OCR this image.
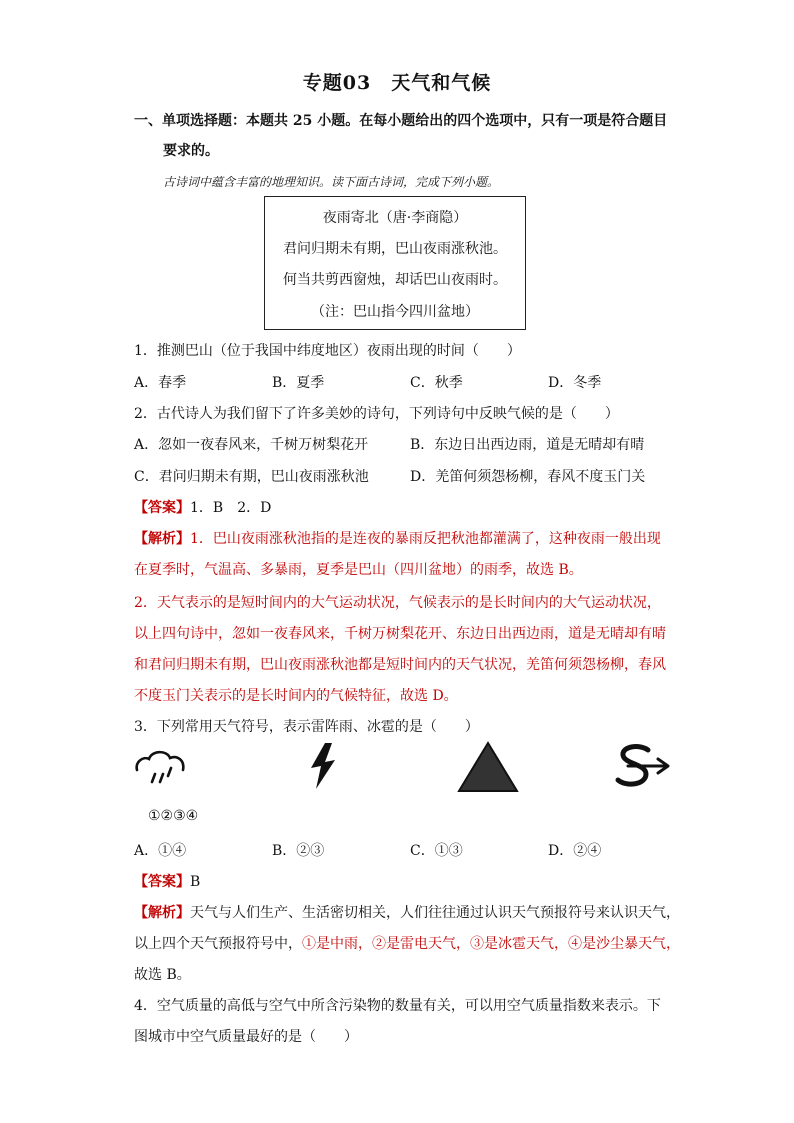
专题03　天气和气候
一、单项选择题：本题共 25 小题。在每小题给出的四个选项中，只有一项是符合题目
要求的。
古诗词中蕴含丰富的地理知识。读下面古诗词，完成下列小题。
夜雨寄北（唐·李商隐）
君问归期未有期，巴山夜雨涨秋池。
何当共剪西窗烛，却话巴山夜雨时。
（注：巴山指今四川盆地）
1．推测巴山（位于我国中纬度地区）夜雨出现的时间（　　）
A．春季	B．夏季	C．秋季	D．冬季
2．古代诗人为我们留下了许多美妙的诗句，下列诗句中反映气候的是（　　）
A．忽如一夜春风来，千树万树梨花开	B．东边日出西边雨，道是无晴却有晴
C．君问归期未有期，巴山夜雨涨秋池	D．羌笛何须怨杨柳，春风不度玉门关
【答案】1．B　2．D
【解析】1．巴山夜雨涨秋池指的是连夜的暴雨反把秋池都灌满了，这种夜雨一般出现
在夏季时，气温高、多暴雨，夏季是巴山（四川盆地）的雨季，故选 B。
2．天气表示的是短时间内的大气运动状况，气候表示的是长时间内的大气运动状况，
以上四句诗中，忽如一夜春风来，千树万树梨花开、东边日出西边雨，道是无晴却有晴
和君问归期未有期，巴山夜雨涨秋池都是短时间内的天气状况，羌笛何须怨杨柳，春风
不度玉门关表示的是长时间内的气候特征，故选 D。
3．下列常用天气符号，表示雷阵雨、冰雹的是（　　）
①②③④
A．①④	B．②③	C．①③	D．②④
【答案】B
【解析】天气与人们生产、生活密切相关，人们往往通过认识天气预报符号来认识天气，
以上四个天气预报符号中，①是中雨，②是雷电天气，③是冰雹天气，④是沙尘暴天气，
故选 B。
4．空气质量的高低与空气中所含污染物的数量有关，可以用空气质量指数来表示。下
图城市中空气质量最好的是（　　）
